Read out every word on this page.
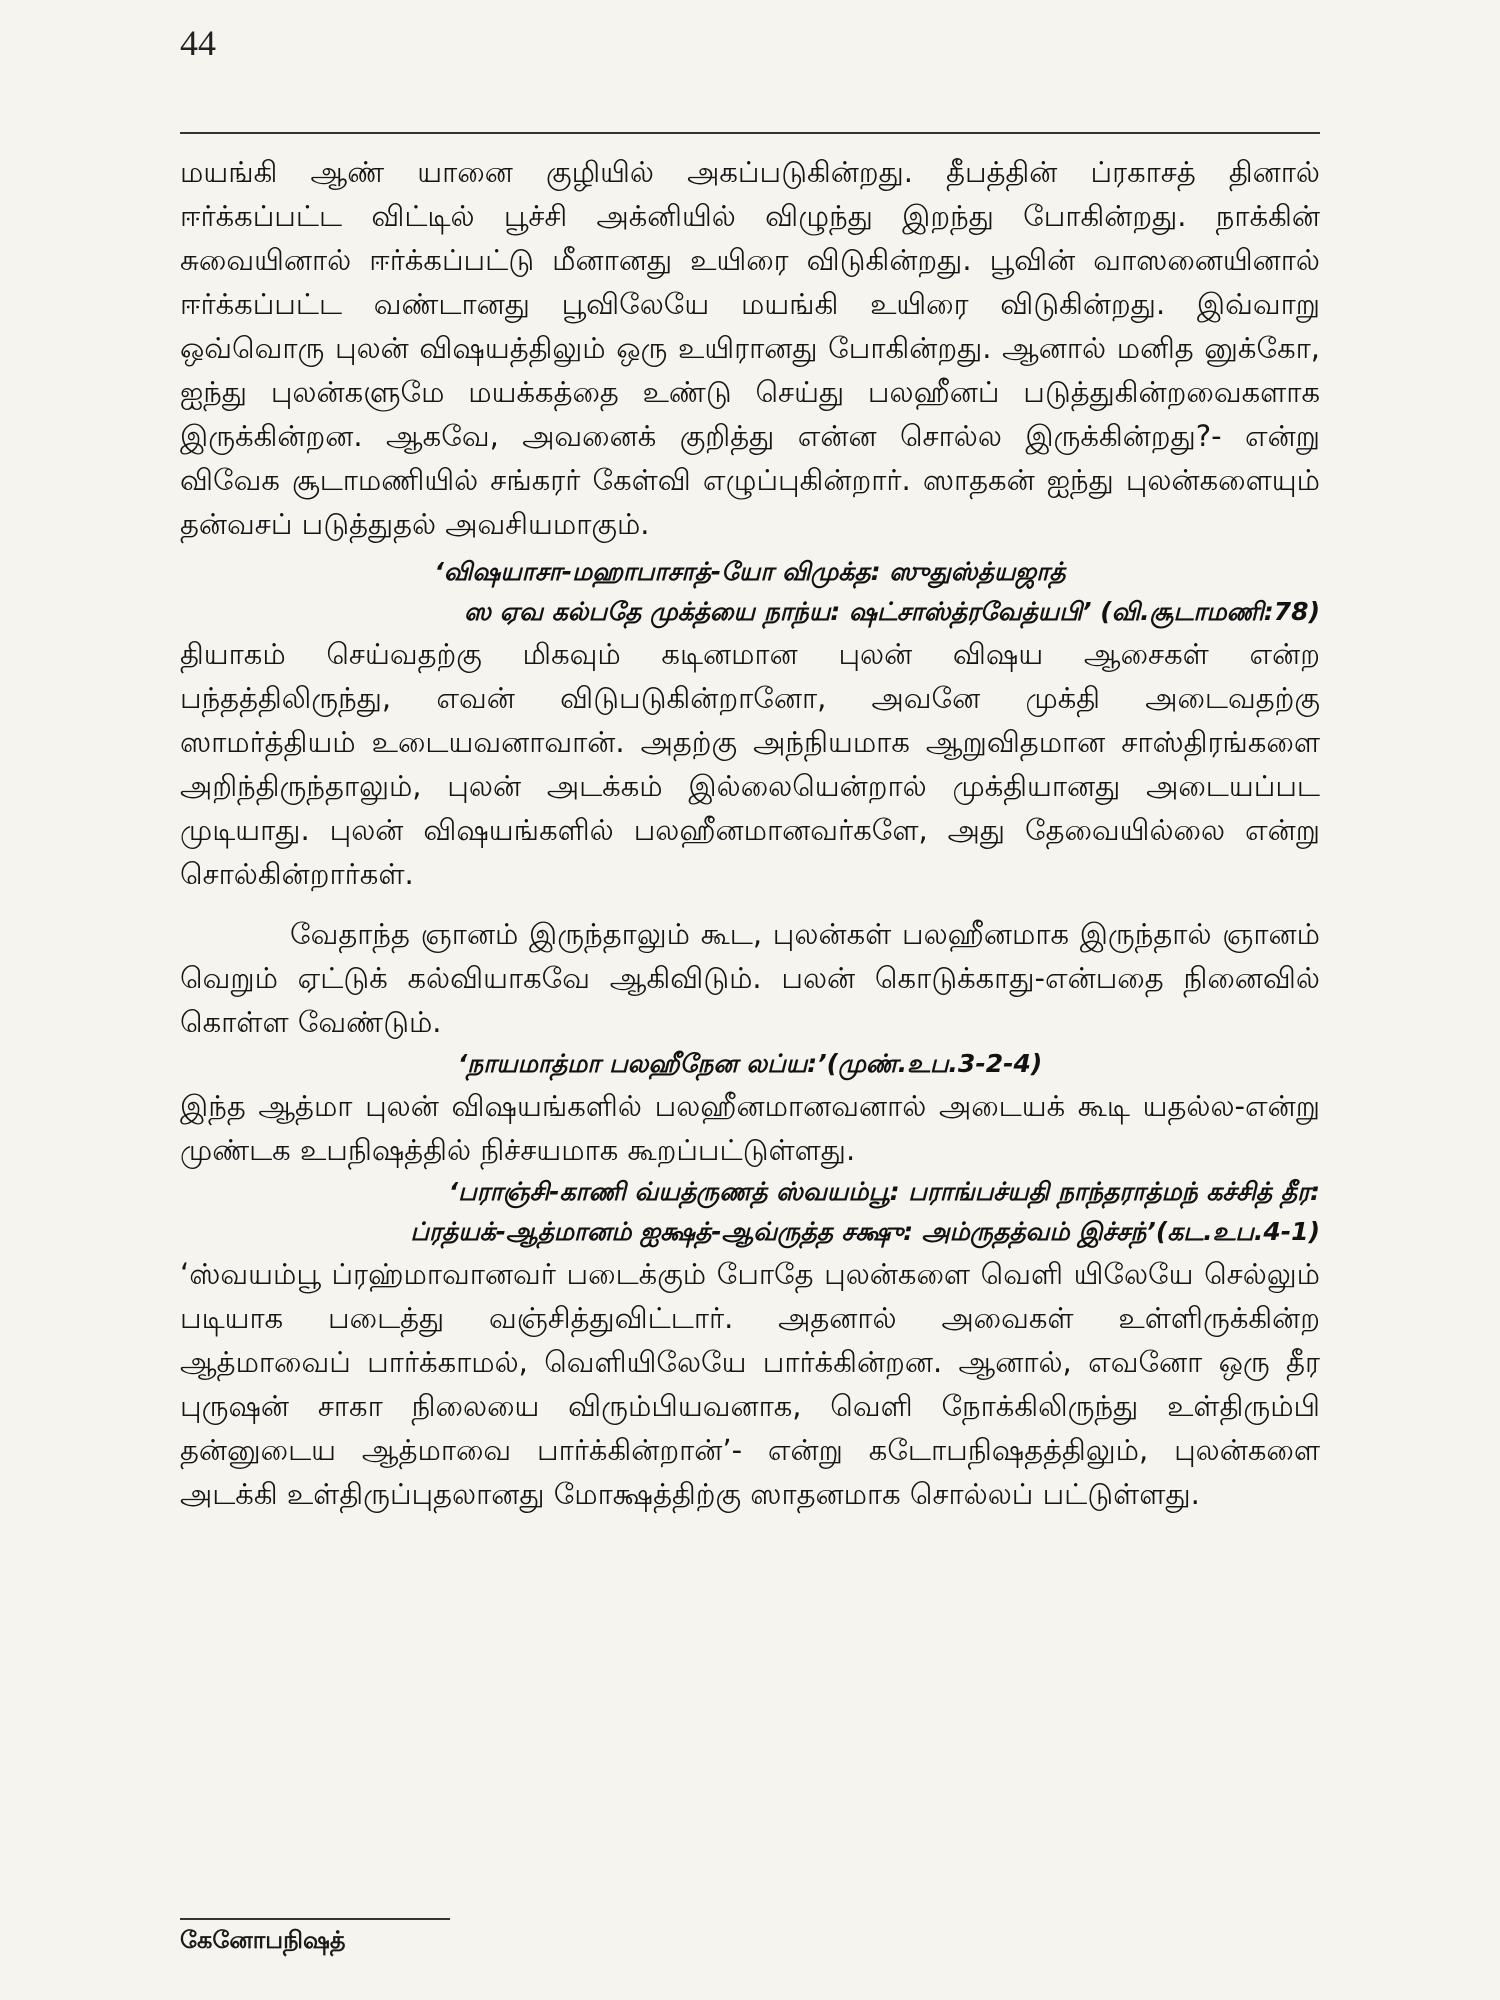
44

மயங்கி ஆண் யானை குழியில் அகப்படுகின்றது. தீபத்தின் ப்ரகாசத் தினால் ஈர்க்கப்பட்ட விட்டில் பூச்சி அக்னியில் விழுந்து இறந்து போகின்றது. நாக்கின் சுவையினால் ஈர்க்கப்பட்டு மீனானது உயிரை விடுகின்றது. பூவின் வாஸனையினால் ஈர்க்கப்பட்ட வண்டானது பூவிலேயே மயங்கி உயிரை விடுகின்றது. இவ்வாறு ஒவ்வொரு புலன் விஷயத்திலும் ஒரு உயிரானது போகின்றது. ஆனால் மனித னுக்கோ, ஐந்து புலன்களுமே மயக்கத்தை உண்டு செய்து பலஹீனப் படுத்துகின்றவைகளாக இருக்கின்றன. ஆகவே, அவனைக் குறித்து என்ன சொல்ல இருக்கின்றது?- என்று விவேக சூடாமணியில் சங்கரர் கேள்வி எழுப்புகின்றார். ஸாதகன் ஐந்து புலன்களையும் தன்வசப் படுத்துதல் அவசியமாகும்.

‘விஷயாசா-மஹாபாசாத்-யோ விமுக்த: ஸுதுஸ்த்யஜாத்

ஸ ஏவ கல்பதே முக்த்யை நாந்ய: ஷட்சாஸ்த்ரவேத்யபி’ (வி.சூடாமணி:78)

தியாகம் செய்வதற்கு மிகவும் கடினமான புலன் விஷய ஆசைகள் என்ற பந்தத்திலிருந்து, எவன் விடுபடுகின்றானோ, அவனே முக்தி அடைவதற்கு ஸாமர்த்தியம் உடையவனாவான். அதற்கு அந்நியமாக ஆறுவிதமான சாஸ்திரங்களை அறிந்திருந்தாலும், புலன் அடக்கம் இல்லையென்றால் முக்தியானது அடையப்பட முடியாது. புலன் விஷயங்களில் பலஹீனமானவர்களே, அது தேவையில்லை என்று சொல்கின்றார்கள்.

வேதாந்த ஞானம் இருந்தாலும் கூட, புலன்கள் பலஹீனமாக இருந்தால் ஞானம் வெறும் ஏட்டுக் கல்வியாகவே ஆகிவிடும். பலன் கொடுக்காது-என்பதை நினைவில் கொள்ள வேண்டும்.

‘நாயமாத்மா பலஹீநேன லப்ய:’(முண்.உப.3-2-4)

இந்த ஆத்மா புலன் விஷயங்களில் பலஹீனமானவனால் அடையக் கூடி யதல்ல-என்று முண்டக உபநிஷத்தில் நிச்சயமாக கூறப்பட்டுள்ளது.

‘பராஞ்சி-காணி வ்யத்ருணத் ஸ்வயம்பூ: பராங்பச்யதி நாந்தராத்மந் கச்சித் தீர:

ப்ரத்யக்-ஆத்மானம் ஐக்ஷத்-ஆவ்ருத்த சக்ஷு: அம்ருதத்வம் இச்சந்’(கட.உப.4-1)

‘ஸ்வயம்பூ ப்ரஹ்மாவானவர் படைக்கும் போதே புலன்களை வெளி யிலேயே செல்லும் படியாக படைத்து வஞ்சித்துவிட்டார். அதனால் அவைகள் உள்ளிருக்கின்ற ஆத்மாவைப் பார்க்காமல், வெளியிலேயே பார்க்கின்றன. ஆனால், எவனோ ஒரு தீர புருஷன் சாகா நிலையை விரும்பியவனாக, வெளி நோக்கிலிருந்து உள்திரும்பி தன்னுடைய ஆத்மாவை பார்க்கின்றான்’- என்று கடோபநிஷதத்திலும், புலன்களை அடக்கி உள்திருப்புதலானது மோக்ஷத்திற்கு ஸாதனமாக சொல்லப் பட்டுள்ளது.

கேனோபநிஷத்
